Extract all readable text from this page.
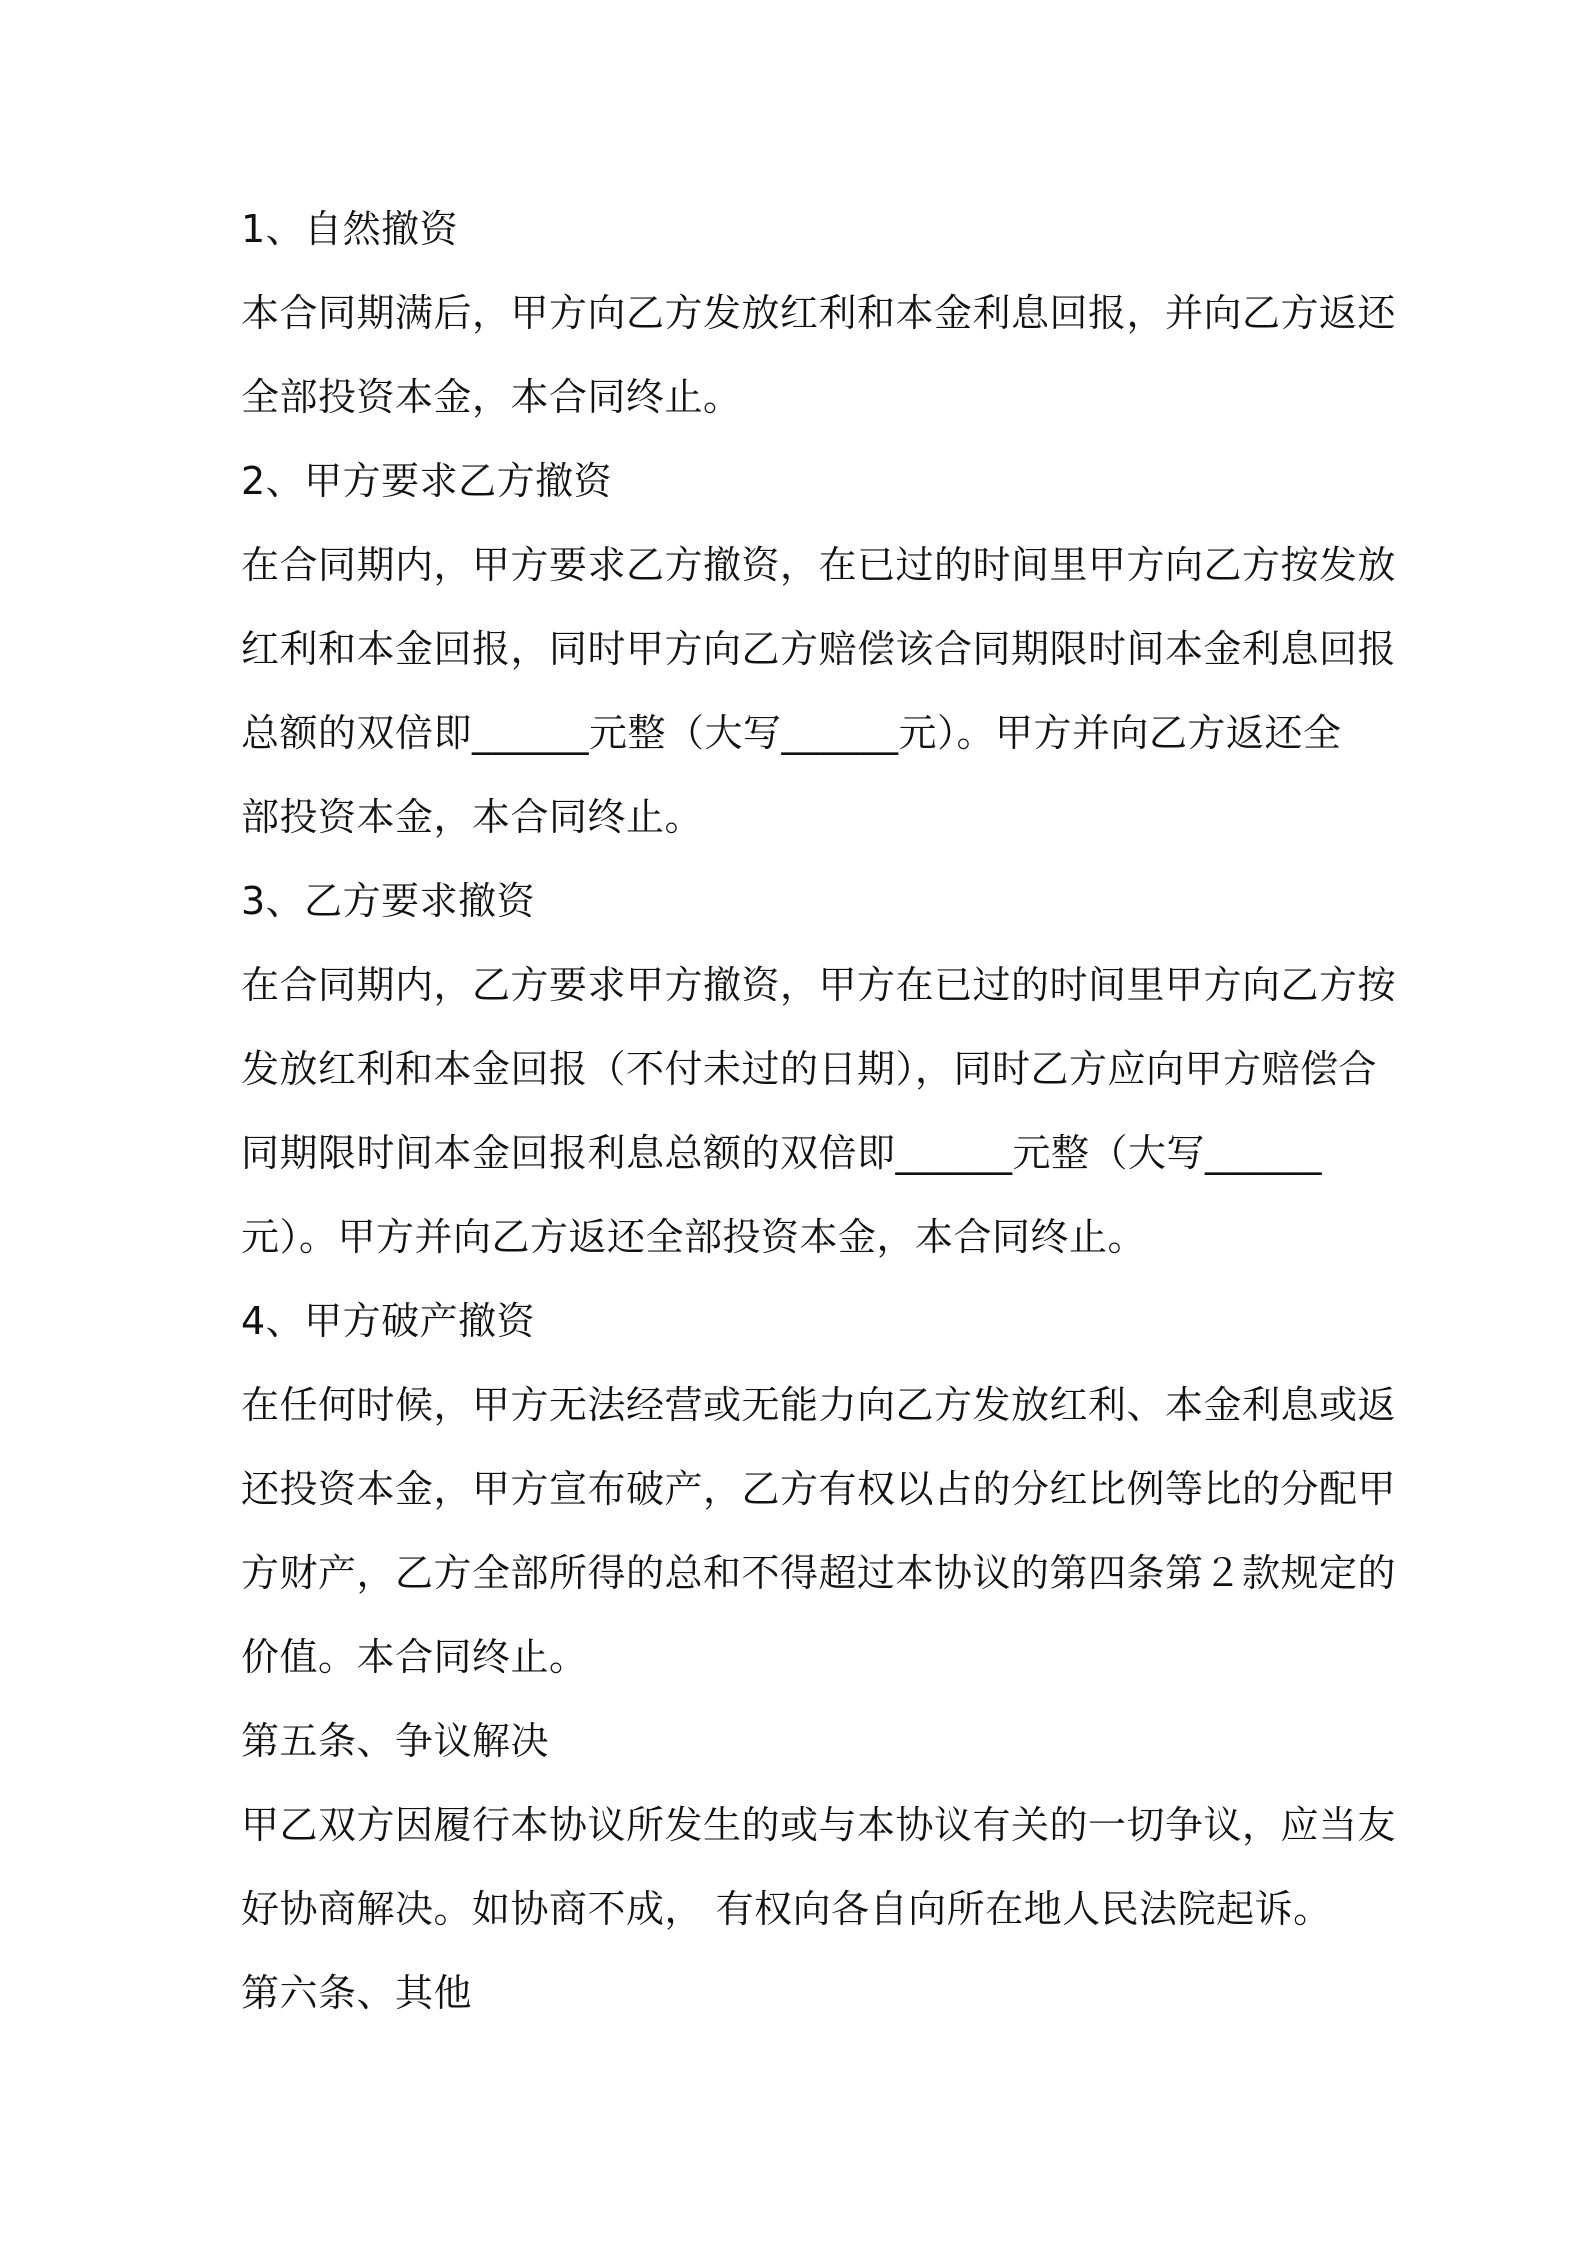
1、自然撤资
本合同期满后，甲方向乙方发放红利和本金利息回报，并向乙方返还
全部投资本金，本合同终止。
2、甲方要求乙方撤资
在合同期内，甲方要求乙方撤资，在已过的时间里甲方向乙方按发放
红利和本金回报，同时甲方向乙方赔偿该合同期限时间本金利息回报
总额的双倍即______元整（大写______元）。甲方并向乙方返还全
部投资本金，本合同终止。
3、乙方要求撤资
在合同期内，乙方要求甲方撤资，甲方在已过的时间里甲方向乙方按
发放红利和本金回报（不付未过的日期），同时乙方应向甲方赔偿合
同期限时间本金回报利息总额的双倍即______元整（大写______
元）。甲方并向乙方返还全部投资本金，本合同终止。
4、甲方破产撤资
在任何时候，甲方无法经营或无能力向乙方发放红利、本金利息或返
还投资本金，甲方宣布破产，乙方有权以占的分红比例等比的分配甲
方财产，乙方全部所得的总和不得超过本协议的第四条第２款规定的
价值。本合同终止。
第五条、争议解决
甲乙双方因履行本协议所发生的或与本协议有关的一切争议，应当友
好协商解决。如协商不成， 有权向各自向所在地人民法院起诉。
第六条、其他
